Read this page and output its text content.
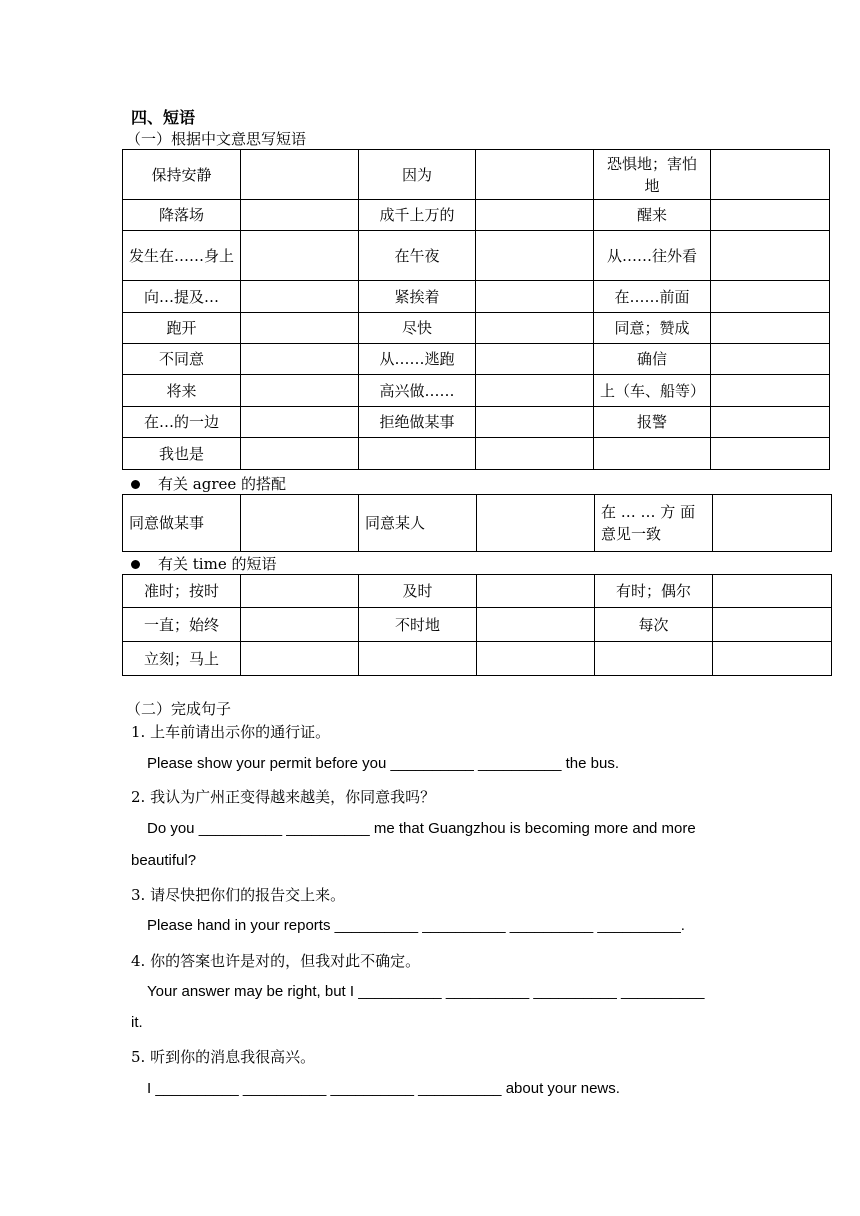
四、短语
（一）根据中文意思写短语
保持安静		因为		恐惧地；害怕地	
降落场		成千上万的		醒来	
发生在……身上		在午夜		从……往外看	
向…提及…		紧挨着		在……前面	
跑开		尽快		同意；赞成	
不同意		从……逃跑		确信	
将来		高兴做……		上（车、船等）	
在…的一边		拒绝做某事		报警	
我也是					
有关 agree 的搭配
同意做某事		同意某人		在 … … 方 面意见一致	
有关 time 的短语
准时；按时		及时		有时；偶尔	
一直；始终		不时地		每次	
立刻；马上					
（二）完成句子
1. 上车前请出示你的通行证。
Please show your permit before you __________ __________ the bus.
2. 我认为广州正变得越来越美，你同意我吗？
Do you __________ __________ me that Guangzhou is becoming more and more
beautiful?
3. 请尽快把你们的报告交上来。
Please hand in your reports __________ __________ __________ __________.
4. 你的答案也许是对的，但我对此不确定。
Your answer may be right, but I __________ __________ __________ __________
it.
5. 听到你的消息我很高兴。
I __________ __________ __________ __________ about your news.
